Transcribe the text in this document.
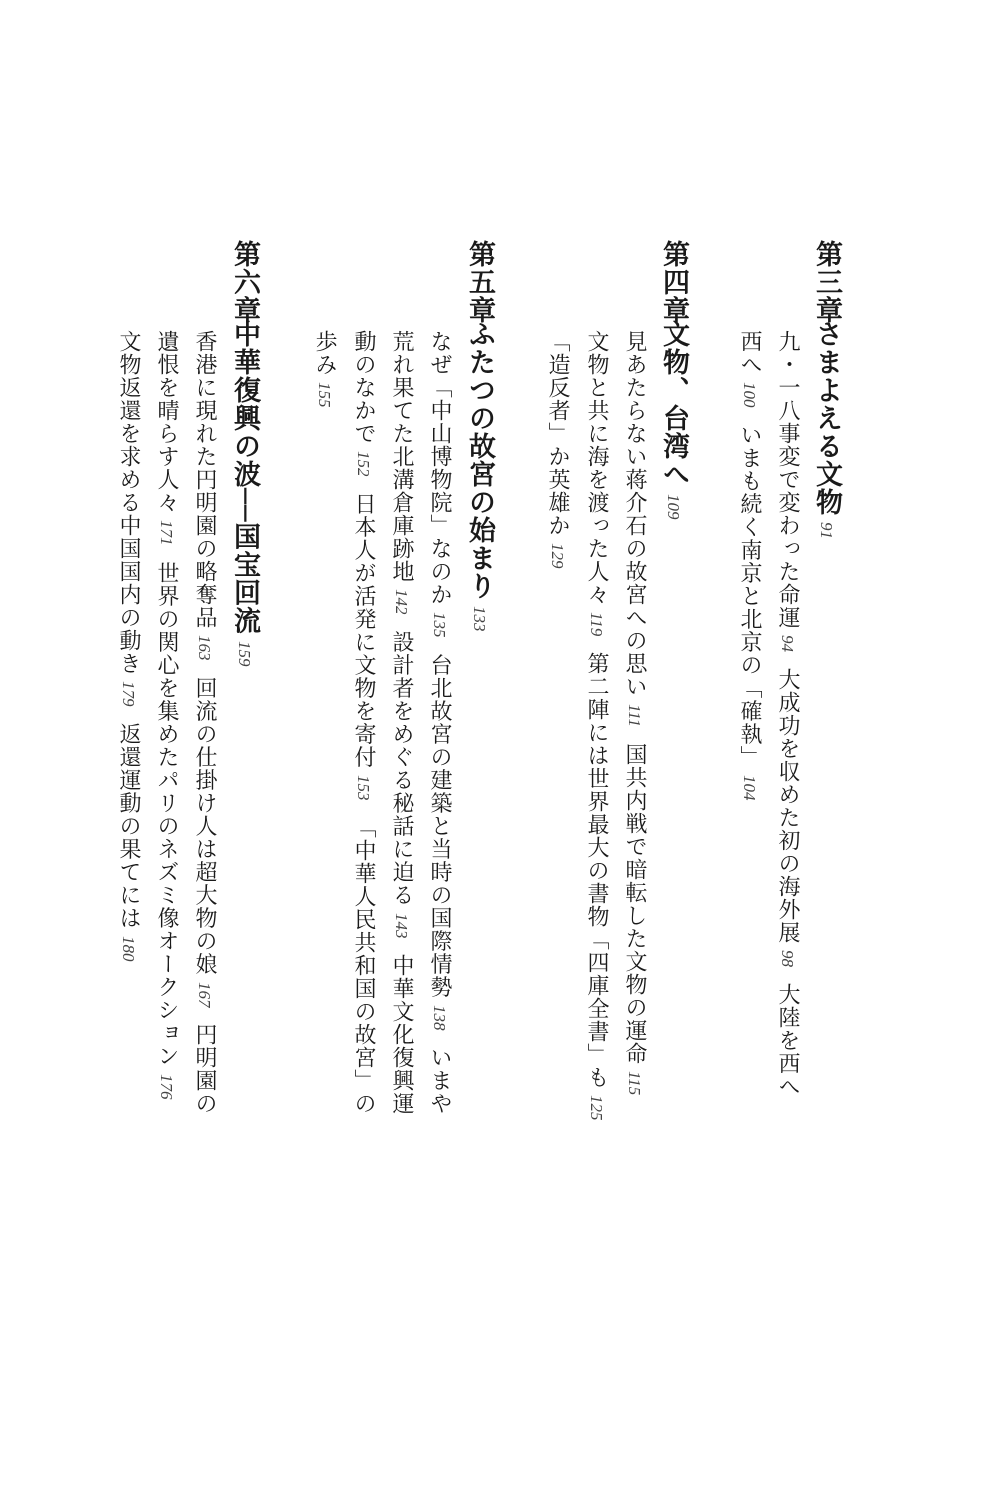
第三章
さまよえる文物91
九・一八事変で変わった命運94大成功を収めた初の海外展98大陸を西へ
西へ100いまも続く南京と北京の「確執」104
第四章
文物、台湾へ109
見あたらない蒋介石の故宮への思い111国共内戦で暗転した文物の運命115
文物と共に海を渡った人々119第二陣には世界最大の書物「四庫全書」も125
「造反者」か英雄か129
第五章
ふたつの故宮の始まり133
なぜ「中山博物院」なのか135台北故宮の建築と当時の国際情勢138いまや
荒れ果てた北溝倉庫跡地142設計者をめぐる秘話に迫る143中華文化復興運
動のなかで152日本人が活発に文物を寄付153「中華人民共和国の故宮」の
歩み155
第六章
中華復興の波──国宝回流159
香港に現れた円明園の略奪品163回流の仕掛け人は超大物の娘167円明園の
遺恨を晴らす人々171世界の関心を集めたパリのネズミ像オークション176
文物返還を求める中国国内の動き179返還運動の果てには180
